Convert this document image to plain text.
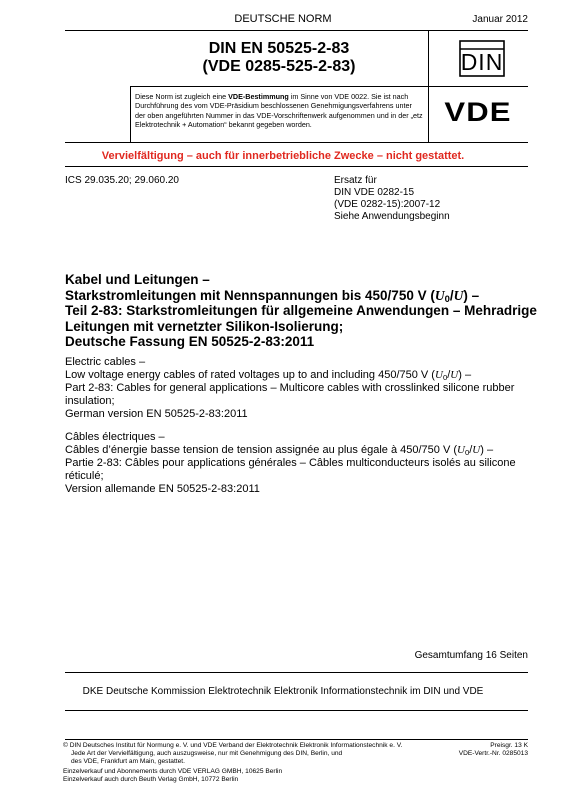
DEUTSCHE NORM	Januar 2012
DIN EN 50525-2-83
(VDE 0285-525-2-83)	DIN
Diese Norm ist zugleich eine VDE-Bestimmung im Sinne von VDE 0022. Sie ist nach Durchführung des vom VDE-Präsidium beschlossenen Genehmigungsverfahrens unter der oben angeführten Nummer in das VDE-Vorschriftenwerk aufgenommen und in der „etz Elektrotechnik + Automation“ bekannt gegeben worden.	VDE
Vervielfältigung – auch für innerbetriebliche Zwecke – nicht gestattet.
ICS 29.035.20; 29.060.20	Ersatz für
DIN VDE 0282-15
(VDE 0282-15):2007-12
Siehe Anwendungsbeginn
Kabel und Leitungen –
Starkstromleitungen mit Nennspannungen bis 450/750 V $(U_0/U)$ –
Teil 2-83: Starkstromleitungen für allgemeine Anwendungen – Mehradrige
Leitungen mit vernetzter Silikon-Isolierung;
Deutsche Fassung EN 50525-2-83:2011
Electric cables –
Low voltage energy cables of rated voltages up to and including 450/750 V $(U_0/U)$ –
Part 2-83: Cables for general applications – Multicore cables with crosslinked silicone rubber
insulation;
German version EN 50525-2-83:2011
Câbles électriques –
Câbles d’énergie basse tension de tension assignée au plus égale à 450/750 V $(U_0/U)$ –
Partie 2-83: Câbles pour applications générales – Câbles multiconducteurs isolés au silicone
réticulé;
Version allemande EN 50525-2-83:2011
Gesamtumfang 16 Seiten
DKE Deutsche Kommission Elektrotechnik Elektronik Informationstechnik im DIN und VDE
© DIN Deutsches Institut für Normung e. V. und VDE Verband der Elektrotechnik Elektronik Informationstechnik e. V.
Jede Art der Vervielfältigung, auch auszugsweise, nur mit Genehmigung des DIN, Berlin, und
des VDE, Frankfurt am Main, gestattet.
Einzelverkauf und Abonnements durch VDE VERLAG GMBH, 10625 Berlin
Einzelverkauf auch durch Beuth Verlag GmbH, 10772 Berlin
Preisgr. 13 K
VDE-Vertr.-Nr. 0285013
